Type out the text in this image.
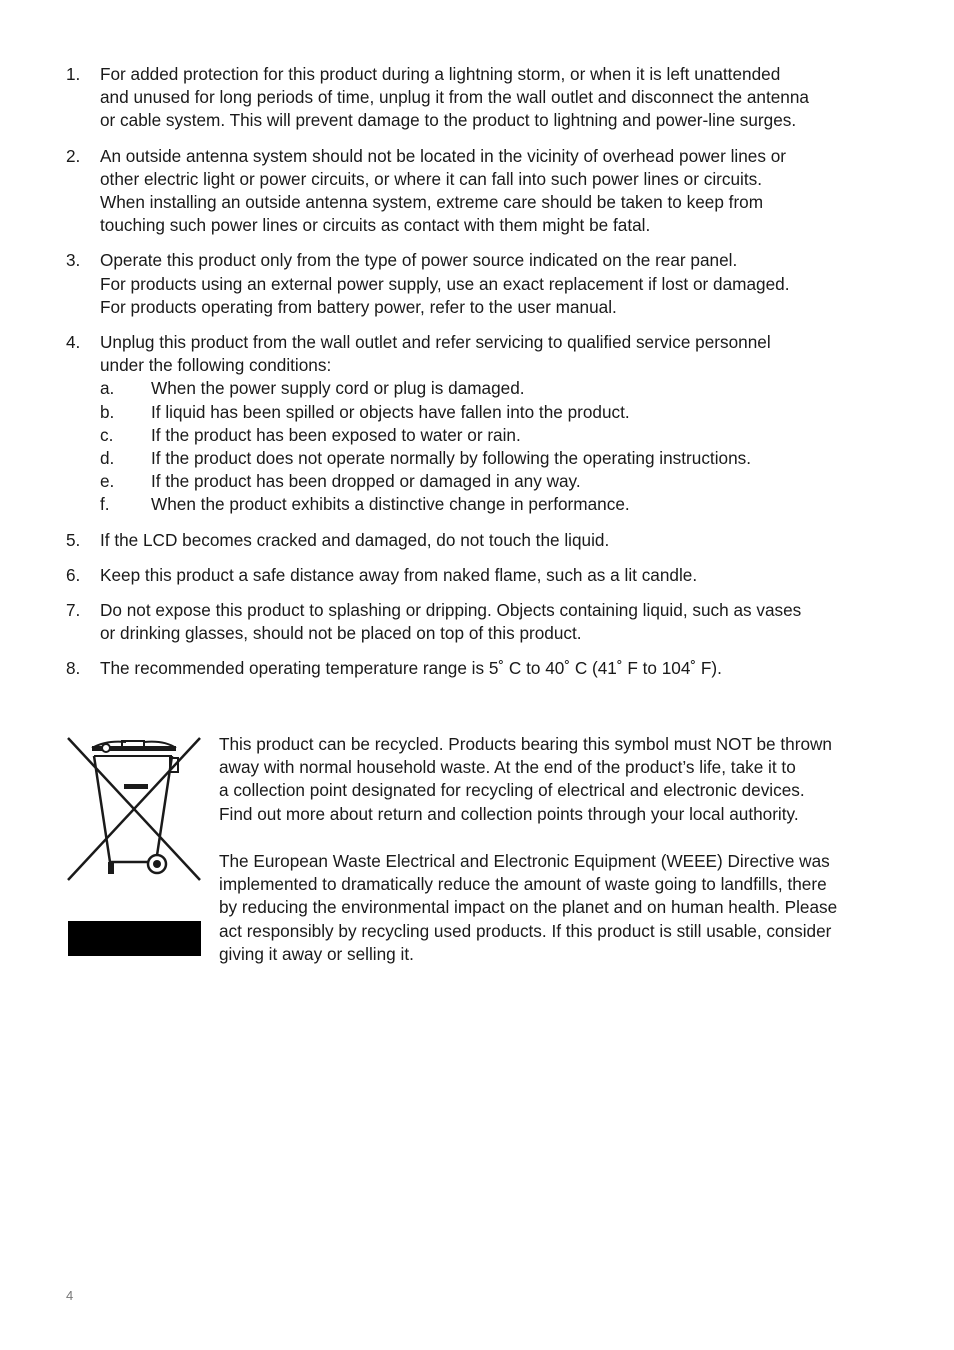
1.	For added protection for this product during a lightning storm, or when it is left unattended
and unused for long periods of time, unplug it from the wall outlet and disconnect the antenna
or cable system. This will prevent damage to the product to lightning and power-line surges.
2.	An outside antenna system should not be located in the vicinity of overhead power lines or
other electric light or power circuits, or where it can fall into such power lines or circuits.
When installing an outside antenna system, extreme care should be taken to keep from
touching such power lines or circuits as contact with them might be fatal.
3.	Operate this product only from the type of power source indicated on the rear panel.
For products using an external power supply, use an exact replacement if lost or damaged.
For products operating from battery power, refer to the user manual.
4.	Unplug this product from the wall outlet and refer servicing to qualified service personnel
under the following conditions:
a. When the power supply cord or plug is damaged.
b. If liquid has been spilled or objects have fallen into the product.
c. If the product has been exposed to water or rain.
d. If the product does not operate normally by following the operating instructions.
e. If the product has been dropped or damaged in any way.
f. When the product exhibits a distinctive change in performance.
5.	If the LCD becomes cracked and damaged, do not touch the liquid.
6.	Keep this product a safe distance away from naked flame, such as a lit candle.
7.	Do not expose this product to splashing or dripping. Objects containing liquid, such as vases
or drinking glasses, should not be placed on top of this product.
8.	The recommended operating temperature range is 5˚ C to 40˚ C (41˚ F to 104˚ F).
This product can be recycled. Products bearing this symbol must NOT be thrown
away with normal household waste. At the end of the product’s life, take it to
a collection point designated for recycling of electrical and electronic devices.
Find out more about return and collection points through your local authority.
The European Waste Electrical and Electronic Equipment (WEEE) Directive was
implemented to dramatically reduce the amount of waste going to landfills, there
by reducing the environmental impact on the planet and on human health. Please
act responsibly by recycling used products. If this product is still usable, consider
giving it away or selling it.
4
